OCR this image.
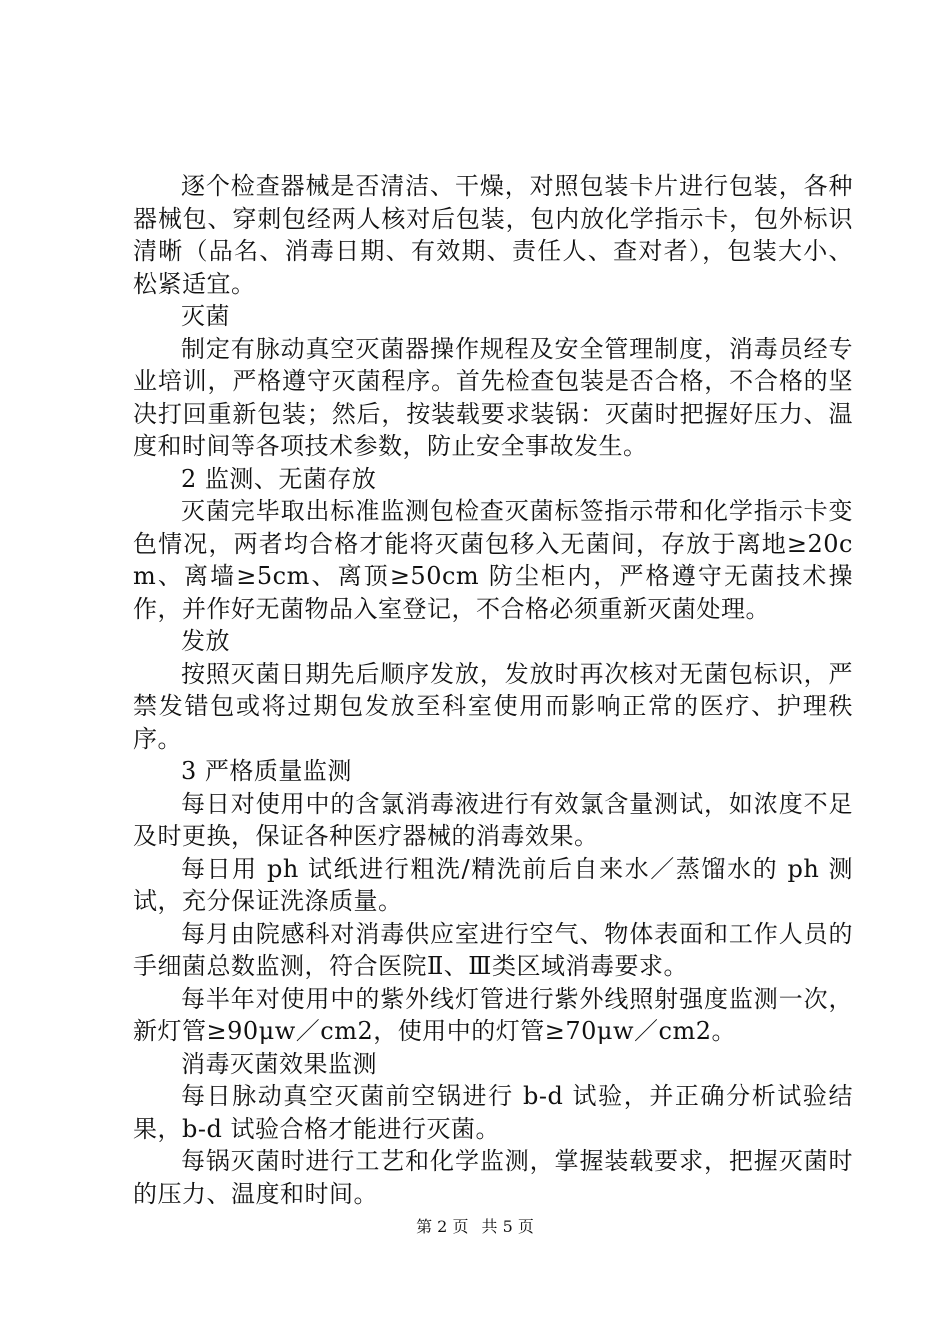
逐个检查器械是否清洁、干燥，对照包装卡片进行包装，各种器械包、穿刺包经两人核对后包装，包内放化学指示卡，包外标识清晰（品名、消毒日期、有效期、责任人、查对者），包装大小、松紧适宜。

灭菌

制定有脉动真空灭菌器操作规程及安全管理制度，消毒员经专业培训，严格遵守灭菌程序。首先检查包装是否合格，不合格的坚决打回重新包装；然后，按装载要求装锅：灭菌时把握好压力、温度和时间等各项技术参数，防止安全事故发生。

2 监测、无菌存放

灭菌完毕取出标准监测包检查灭菌标签指示带和化学指示卡变色情况，两者均合格才能将灭菌包移入无菌间，存放于离地≥20cm、离墙≥5cm、离顶≥50cm 防尘柜内，严格遵守无菌技术操作，并作好无菌物品入室登记，不合格必须重新灭菌处理。

发放

按照灭菌日期先后顺序发放，发放时再次核对无菌包标识，严禁发错包或将过期包发放至科室使用而影响正常的医疗、护理秩序。

3 严格质量监测

每日对使用中的含氯消毒液进行有效氯含量测试，如浓度不足及时更换，保证各种医疗器械的消毒效果。

每日用 ph 试纸进行粗洗/精洗前后自来水／蒸馏水的 ph 测试，充分保证洗涤质量。

每月由院感科对消毒供应室进行空气、物体表面和工作人员的手细菌总数监测，符合医院Ⅱ、Ⅲ类区域消毒要求。

每半年对使用中的紫外线灯管进行紫外线照射强度监测一次，新灯管≥90μw／cm2，使用中的灯管≥70μw／cm2。

消毒灭菌效果监测

每日脉动真空灭菌前空锅进行 b-d 试验，并正确分析试验结果，b-d 试验合格才能进行灭菌。

每锅灭菌时进行工艺和化学监测，掌握装载要求，把握灭菌时的压力、温度和时间。

第 2 页 共 5 页
